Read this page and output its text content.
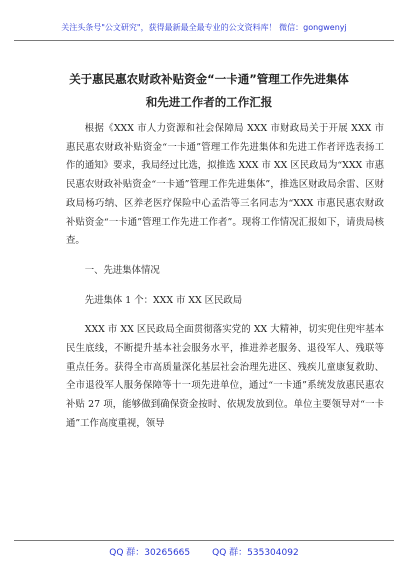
关注头条号"公文研究"，获得最新最全最专业的公文资料库！ 微信：gongwenyj
关于惠民惠农财政补贴资金“一卡通”管理工作先进集体
和先进工作者的工作汇报

根据《XXX 市人力资源和社会保障局 XXX 市财政局关于开展 XXX 市惠民惠农财政补贴资金“一卡通”管理工作先进集体和先进工作者评选表扬工作的通知》要求，我局经过比选，拟推选 XXX 市 XX 区民政局为“XXX 市惠民惠农财政补贴资金“一卡通”管理工作先进集体”，推选区财政局余雷、区财政局杨巧纳、区养老医疗保险中心孟浩等三名同志为“XXX 市惠民惠农财政补贴资金“一卡通”管理工作先进工作者”。现将工作情况汇报如下，请贵局核查。

一、先进集体情况

先进集体 1 个：XXX 市 XX 区民政局

XXX 市 XX 区民政局全面贯彻落实党的 XX 大精神，切实兜住兜牢基本民生底线，不断提升基本社会服务水平，推进养老服务、退役军人、残联等重点任务。获得全市高质量深化基层社会治理先进区、残疾儿童康复救助、全市退役军人服务保障等十一项先进单位，通过“一卡通”系统发放惠民惠农补贴 27 项，能够做到确保资金按时、依规发放到位。单位主要领导对“一卡通”工作高度重视，领导

QQ 群：30265665 QQ 群：535304092
